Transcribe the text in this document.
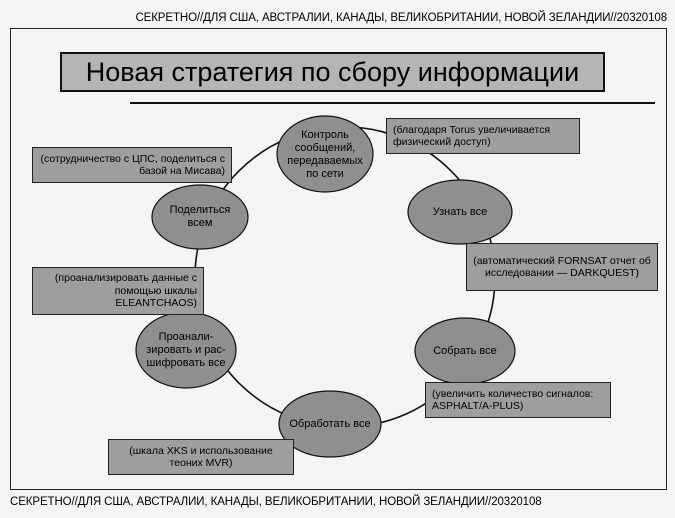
СЕКРЕТНО//ДЛЯ США, АВСТРАЛИИ, КАНАДЫ, ВЕЛИКОБРИТАНИИ, НОВОЙ ЗЕЛАНДИИ//20320108
Новая стратегия по сбору информации
Контроль сообщений, передаваемых по сети
Узнать все
Собрать все
Обработать все
Проанали-зировать и рас-шифровать все
Поделиться всем
(благодаря Torus увеличивается физический доступ)
(автоматический FORNSAT отчет об исследовании — DARKQUEST)
(увеличить количество сигналов: ASPHALT/A-PLUS)
(шкала XKS и использование теоних MVR)
(проанализировать данные с помощью шкалы ELEANTCHAOS)
(сотрудничество с ЦПС, поделиться с базой на Мисава)
СЕКРЕТНО//ДЛЯ США, АВСТРАЛИИ, КАНАДЫ, ВЕЛИКОБРИТАНИИ, НОВОЙ ЗЕЛАНДИИ//20320108
